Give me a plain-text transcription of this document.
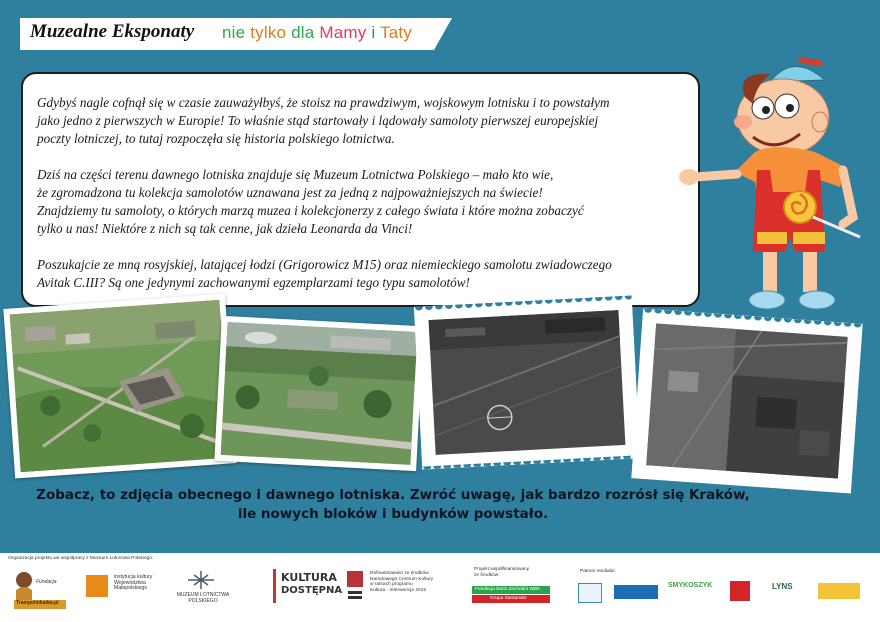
Muzealne Eksponaty nie tylko dla Mamy i Taty

Gdybyś nagle cofnął się w czasie zauważyłbyś, że stoisz na prawdziwym, wojskowym lotnisku i to powstałym
jako jedno z pierwszych w Europie! To właśnie stąd startowały i lądowały samoloty pierwszej europejskiej
poczty lotniczej, to tutaj rozpoczęła się historia polskiego lotnictwa.

Dziś na części terenu dawnego lotniska znajduje się Muzeum Lotnictwa Polskiego – mało kto wie,
że zgromadzona tu kolekcja samolotów uznawana jest za jedną z najpoważniejszych na świecie!
Znajdziemy tu samoloty, o których marzą muzea i kolekcjonerzy z całego świata i które można zobaczyć
tylko u nas! Niektóre z nich są tak cenne, jak dzieła Leonarda da Vinci!

Poszukajcie ze mną rosyjskiej, latającej łodzi (Grigorowicz M15) oraz niemieckiego samolotu zwiadowczego
Avitak C.III? Są one jedynymi zachowanymi egzemplarzami tego typu samolotów!

Zobacz, to zdjęcia obecnego i dawnego lotniska. Zwróć uwagę, jak bardzo rozrósł się Kraków,
ile nowych bloków i budynków powstało.
Organizacja projektu we współpracy z Muzeum Lotnictwa Polskiego:
Fundacja
Trampolinkatka.pl
instytucja kultury
Województwa
Małopolskiego
MUZEUM LOTNICTWA
POLSKIEGO
KULTURA
DOSTĘPNA
Dofinansowano ze środków
Narodowego Centrum Kultury
w ramach programu
Kultura - Interwencje 2015
Projekt współfinansowany
ze środków:
Fundacja Bank Zachodni WBK
Grupa Santander
Patroni medialni:
SMYKOSZYK	LYNS
